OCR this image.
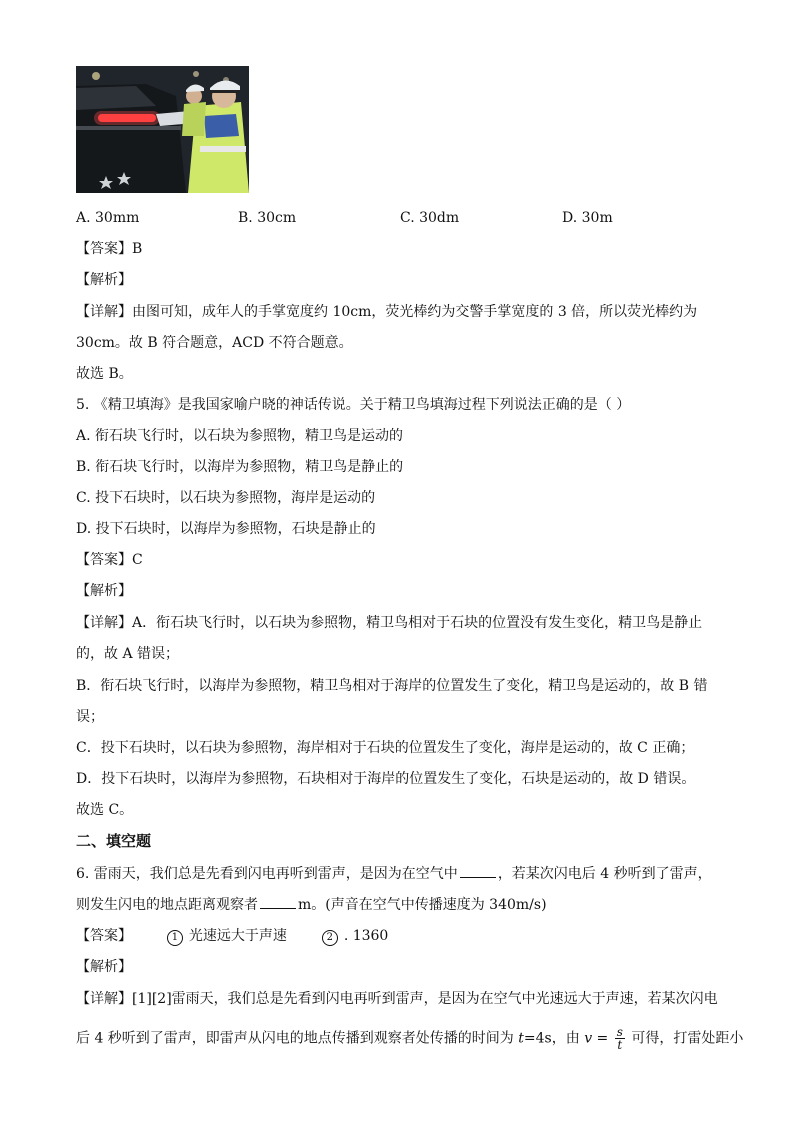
A. 30mm	B. 30cm	C. 30dm	D. 30m
【答案】B
【解析】
【详解】由图可知，成年人的手掌宽度约 10cm，荧光棒约为交警手掌宽度的 3 倍，所以荧光棒约为
30cm。故 B 符合题意，ACD 不符合题意。
故选 B。
5. 《精卫填海》是我国家喻户晓的神话传说。关于精卫鸟填海过程下列说法正确的是（ ）
A. 衔石块飞行时，以石块为参照物，精卫鸟是运动的
B. 衔石块飞行时，以海岸为参照物，精卫鸟是静止的
C. 投下石块时，以石块为参照物，海岸是运动的
D. 投下石块时，以海岸为参照物，石块是静止的
【答案】C
【解析】
【详解】A．衔石块飞行时，以石块为参照物，精卫鸟相对于石块的位置没有发生变化，精卫鸟是静止
的，故 A 错误；
B．衔石块飞行时，以海岸为参照物，精卫鸟相对于海岸的位置发生了变化，精卫鸟是运动的，故 B 错
误；
C．投下石块时，以石块为参照物，海岸相对于石块的位置发生了变化，海岸是运动的，故 C 正确；
D．投下石块时，以海岸为参照物，石块相对于海岸的位置发生了变化，石块是运动的，故 D 错误。
故选 C。
二、填空题
6. 雷雨天，我们总是先看到闪电再听到雷声，是因为在空气中	，若某次闪电后 4 秒听到了雷声，
则发生闪电的地点距离观察者	m。(声音在空气中传播速度为 340m/s)
【答案】	1 光速远大于声速	2 . 1360
【解析】
【详解】[1][2]雷雨天，我们总是先看到闪电再听到雷声，是因为在空气中光速远大于声速，若某次闪电
后 4 秒听到了雷声，即雷声从闪电的地点传播到观察者处传播的时间为 t=4s，由 $v = \frac{s}{t}$ 可得，打雷处距小
